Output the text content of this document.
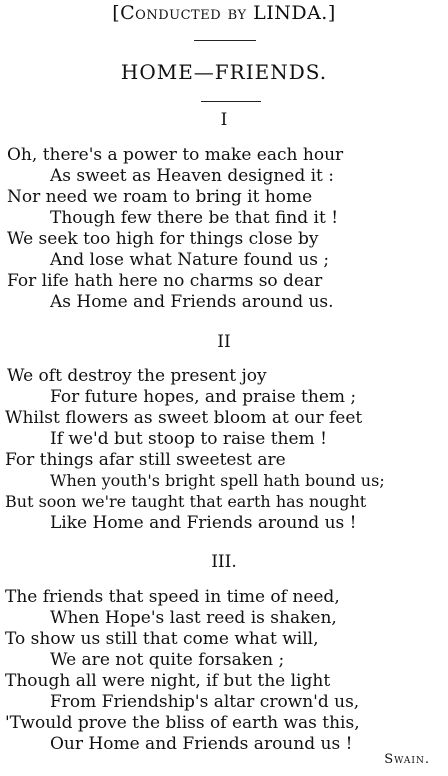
[Conducted by LINDA.]
HOME—FRIENDS.
I
Oh, there's a power to make each hour
As sweet as Heaven designed it :
Nor need we roam to bring it home
Though few there be that find it !
We seek too high for things close by
And lose what Nature found us ;
For life hath here no charms so dear
As Home and Friends around us.
II
We oft destroy the present joy
For future hopes, and praise them ;
Whilst flowers as sweet bloom at our feet
If we'd but stoop to raise them !
For things afar still sweetest are
When youth's bright spell hath bound us;
But soon we're taught that earth has nought
Like Home and Friends around us !
III.
The friends that speed in time of need,
When Hope's last reed is shaken,
To show us still that come what will,
We are not quite forsaken ;
Though all were night, if but the light
From Friendship's altar crown'd us,
'Twould prove the bliss of earth was this,
Our Home and Friends around us !
Swain.
